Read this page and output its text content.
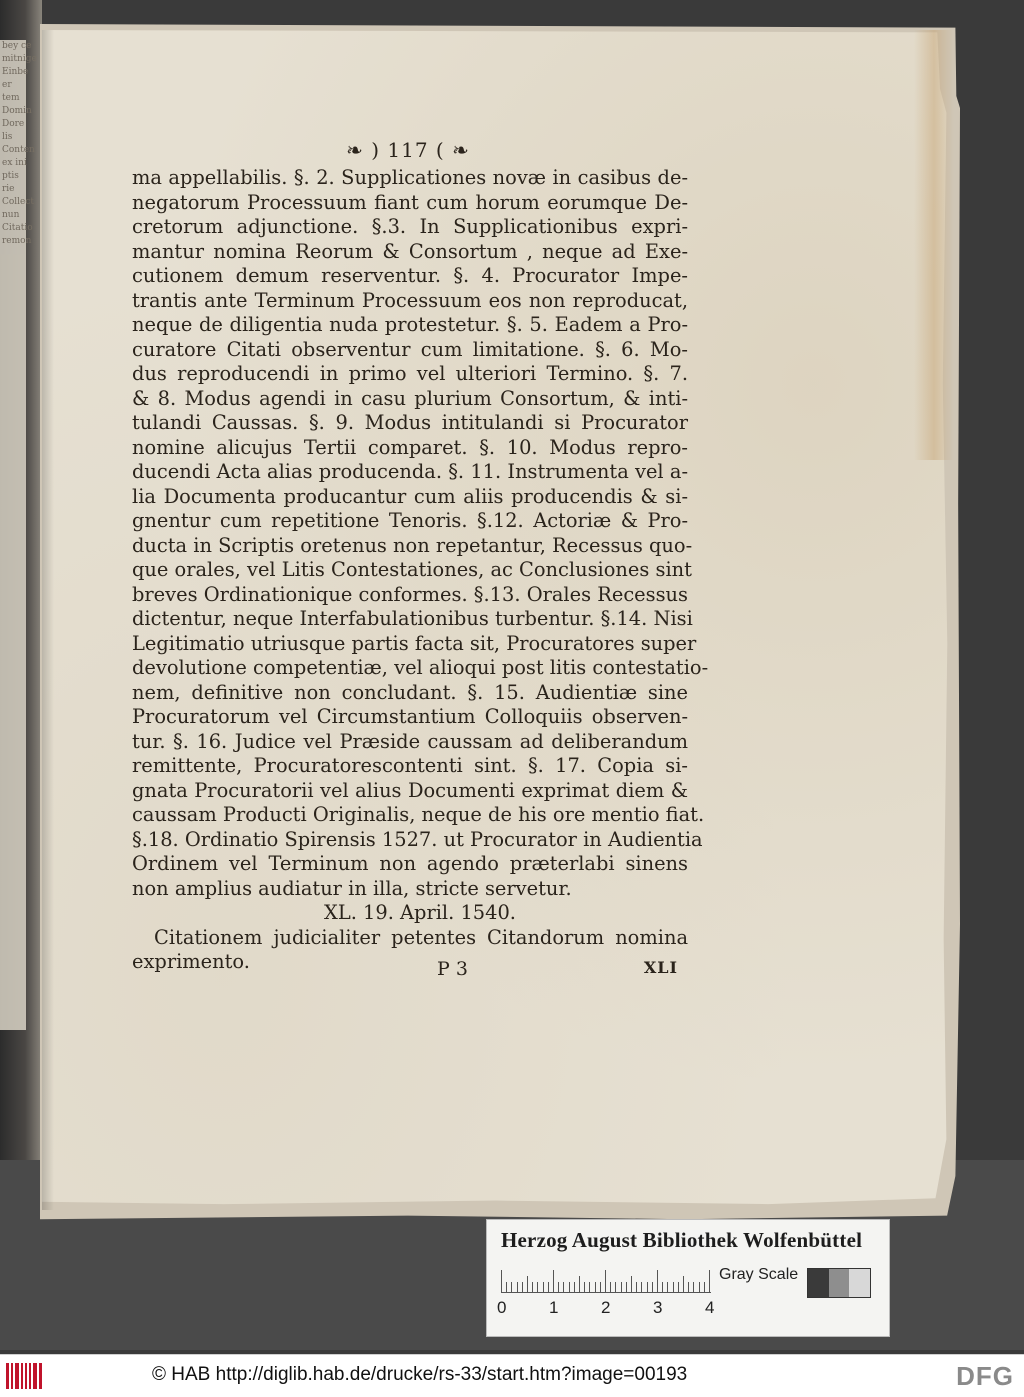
bey ce
mitnige
Einbe
er
tem
Domin
Dore
lis
Conten
ex ini
ptis
rie
Collect
nun
Citatio
remon
❧ ) 117 ( ❧
ma appellabilis. §. 2. Supplicationes novæ in casibus de-
negatorum Processuum fiant cum horum eorumque De-
cretorum adjunctione. §.3. In Supplicationibus expri-
mantur nomina Reorum & Consortum , neque ad Exe-
cutionem demum reserventur. §. 4. Procurator Impe-
trantis ante Terminum Processuum eos non reproducat,
neque de diligentia nuda protestetur. §. 5. Eadem a Pro-
curatore Citati observentur cum limitatione. §. 6. Mo-
dus reproducendi in primo vel ulteriori Termino. §. 7.
& 8. Modus agendi in casu plurium Consortum, & inti-
tulandi Caussas. §. 9. Modus intitulandi si Procurator
nomine alicujus Tertii comparet. §. 10. Modus repro-
ducendi Acta alias producenda. §. 11. Instrumenta vel a-
lia Documenta producantur cum aliis producendis & si-
gnentur cum repetitione Tenoris. §.12. Actoriæ & Pro-
ducta in Scriptis oretenus non repetantur, Recessus quo-
que orales, vel Litis Contestationes, ac Conclusiones sint
breves Ordinationique conformes. §.13. Orales Recessus
dictentur, neque Interfabulationibus turbentur. §.14. Nisi
Legitimatio utriusque partis facta sit, Procuratores super
devolutione competentiæ, vel alioqui post litis contestatio-
nem, definitive non concludant. §. 15. Audientiæ sine
Procuratorum vel Circumstantium Colloquiis observen-
tur. §. 16. Judice vel Præside caussam ad deliberandum
remittente, Procuratorescontenti sint. §. 17. Copia si-
gnata Procuratorii vel alius Documenti exprimat diem &
caussam Producti Originalis, neque de his ore mentio fiat.
§.18. Ordinatio Spirensis 1527. ut Procurator in Audientia
Ordinem vel Terminum non agendo præterlabi sinens
non amplius audiatur in illa, stricte servetur.
XL. 19. April. 1540.
Citationem judicialiter petentes Citandorum nomina
exprimento.	P 3	XLI
Herzog August Bibliothek Wolfenbüttel
0	1	2	3	4
Gray Scale
© HAB http://diglib.hab.de/drucke/rs-33/start.htm?image=00193	DFG
